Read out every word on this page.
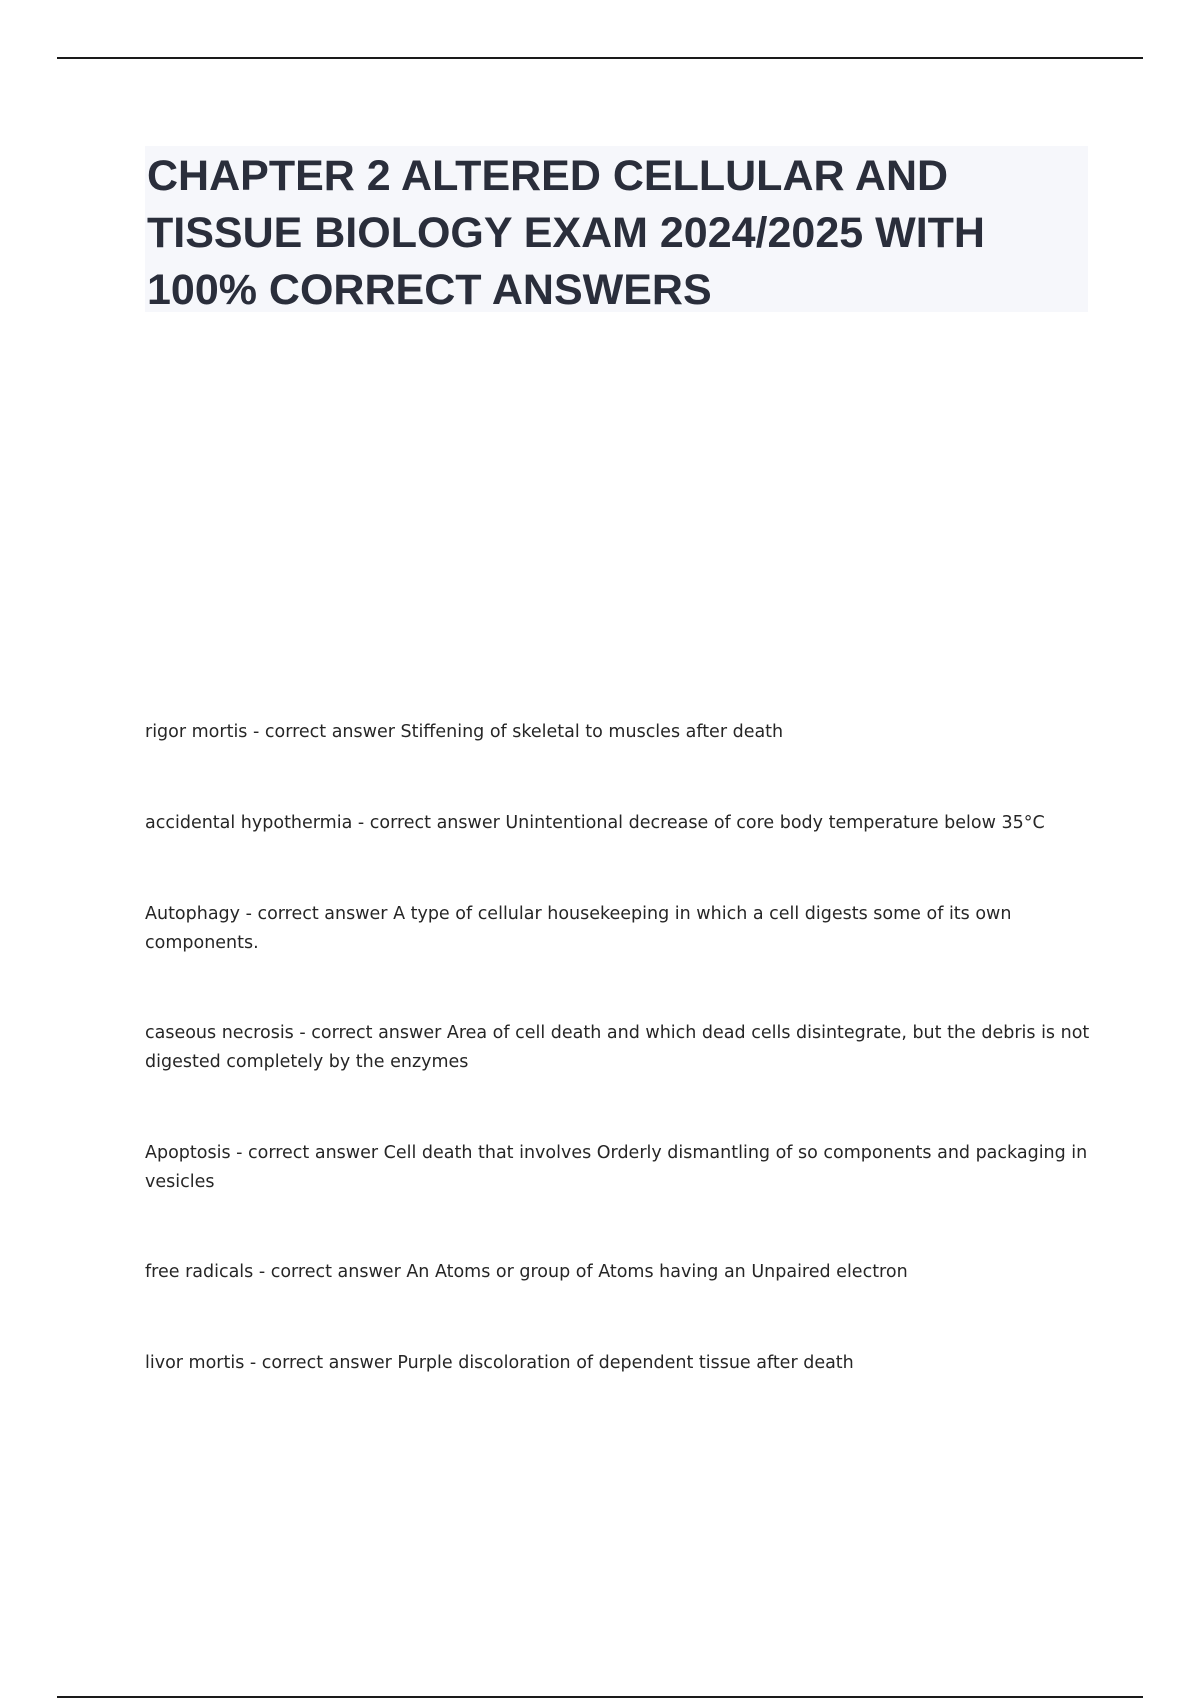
CHAPTER 2 ALTERED CELLULAR AND TISSUE BIOLOGY EXAM 2024/2025 WITH 100% CORRECT ANSWERS

rigor mortis - correct answer Stiffening of skeletal to muscles after death

accidental hypothermia - correct answer Unintentional decrease of core body temperature below 35°C

Autophagy - correct answer A type of cellular housekeeping in which a cell digests some of its own components.

caseous necrosis - correct answer Area of cell death and which dead cells disintegrate, but the debris is not digested completely by the enzymes

Apoptosis - correct answer Cell death that involves Orderly dismantling of so components and packaging in vesicles

free radicals - correct answer An Atoms or group of Atoms having an Unpaired electron

livor mortis - correct answer Purple discoloration of dependent tissue after death
